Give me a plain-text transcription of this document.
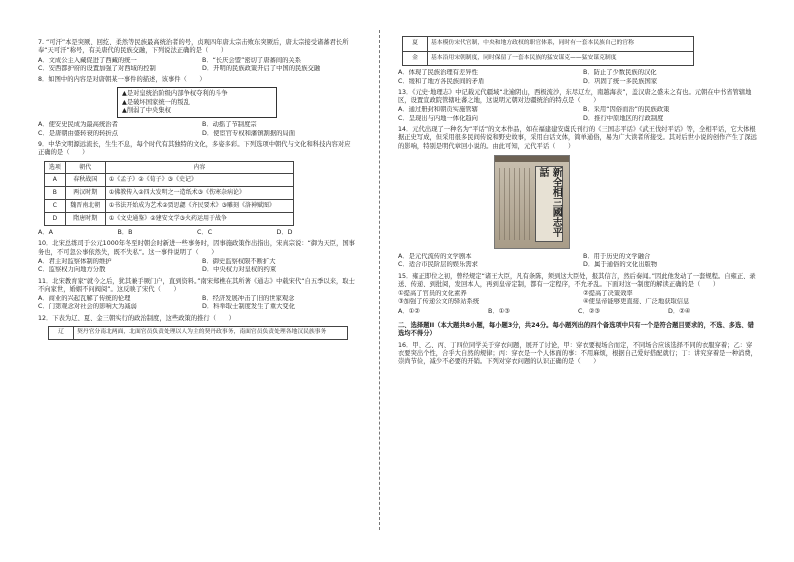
7. “可汗”本是突厥、回纥、柔然等民族最高统治者的号，贞观四年唐太宗击败东突厥后，唐太宗接受诸蕃君长所奉“天可汗”称号，有关唐代的民族交融，下列说法正确的是（　　）

A．文成公主入藏促进了西藏的统一	B．“长庆会盟”密切了唐蕃间的关系
C．安西都护府的设置加强了对西域的控制	D．开明的民族政策开启了中国的民族交融

8．如图中的内容是对唐朝某一事件的描述，该事件（　　）

▲是对皇统治阶级内部争权夺利的斗争

▲是破坏国家统一的叛乱

▲削弱了中央集权

A．使安史民成为最高统治者	B．动摇了节制度宗
C．是唐朝由盛转衰的转折点	D．使宦官专权和藩镇割据的局面

9．中华文明源远流长，生生不息，每个时代有其独特的文化，多姿多彩。下列选项中朝代与文化和科技内容对应正确的是（　　）

选项	朝代	内容
A	春秋战国	①《孟子》②《荀子》③《史记》
B	两汉时期	①佛教传入②四大发明之一造纸术③《伤寒杂病论》
C	魏晋南北朝	①书法开始成为艺术②贾思勰《齐民要术》③雕刻《洛神赋图》
D	隋唐时期	①《文史通鉴》②建安文学③火药运用于战争
A．A	B．B	C．C	D．D

10．北宋总练司于公元1000年冬至时朝会时新进一些事务时，因事施政策作出指出，宋真宗说：“御为天臣，国事务也，不可忽公事依然失，既不失私”。这一事件说明了（　　）

A．君主对监察体制的维护	B．御史监察权限不断扩大
C．监察权力向地方分散	D．中央权力对皇权的约束

11．北宋教育家“就今之后，犹其兼手厥门户，直到资料。”南宋郑樵在其所著《通志》中载宋代“自五季以来，取士不向家世，婚姻不问阀阅”。这反映了宋代（　　）

A．商业的兴起瓦解了传统的伦理	B．经济发展冲击了旧的世家观念
C．门第观念对社会的影响大为减弱	D．科举取士制度发生了重大变化

12．下表为辽、夏、金三朝实行的政治制度，这些政策的推行（　　）

辽	契丹官分南北两面，北面官员负责处理以人为主的契丹政事务，南面官员负责处理各地汉民族事务
夏	基本模仿宋代官制，中央和地方政权的职官体系，同时有一套本民族自己的官称
金	基本沿用宋朝制度，同时保留了一套本民族的猛安谋克——猛安谋克制度
A．体现了民族治理有差异性	B．防止了少数民族的汉化
C．缓和了地方各民族间的矛盾	D．巩固了统一多民族国家

13．《元史·地理志》中记载元代疆域“北逾阴山，西极流沙，东尽辽左，南越海表”，盖汉唐之盛未之有也。元朝在中书省管辖地区，设置宣政院管辖吐蕃之地，这说明元朝对边疆统治的特点是（　　）

A．通过册封和朝贡实施管辖	B．采用“因俗而治”的民族政策
C．呈现出与内地一体化趋向	D．推行中原地区的行政制度

14．元代出现了一种名为“平话”的文本作品，如在福建建安虞氏刊行的《三国志平话》《武王伐纣平话》等，全相平话，它大体根据正史写成，但采用很多民间传说和野史故事，采用白话文体，简单通俗，易为广大读者所接受。其对后世小说的创作产生了深远的影响，特别是明代章回小说的。由此可知，元代平话（　　）

新全相三國志平話
A．是元代流传的文学剧本	B．用于历史的文学融合
C．适合市民阶层的娱乐需求	D．属于通俗的文化出版物

15．雍正即位之初，曾经规定“诸王大臣，凡有条陈，须到这大臣处，报其信言，然后奏闻。”因此他发动了一套规程。自雍正、录送、传递、到批阅，发回本人，再到皇帝定制，都有一定程序，不允矛乱。下面对这一制度的解读正确的是（　　）

①提高了官员的文化素养	②提高了决策效率
③加强了传递公文的驿站系统	④使皇帝能够更直接、广泛地获取信息
A．①②	B．①③	C．②③	D．②④

二、选择题II（本大题共8小题，每小题3分，共24分。每小题列出的四个备选项中只有一个是符合题目要求的，不选、多选、错选均不得分）

16．甲、乙、丙、丁四位同学关于穿衣问题，展开了讨论，甲：穿衣要视场合而定，不同场合应该选择不同的衣服穿着；乙：穿衣要突出个性，合乎大自然的规律；丙：穿衣是一个人体面的事：不用麻烦，根据自己爱好搭配就行；丁：讲究穿着是一种消费，崇尚节俭，减少不必要的开销。下列对穿衣问题的认识正确的是（　　）
